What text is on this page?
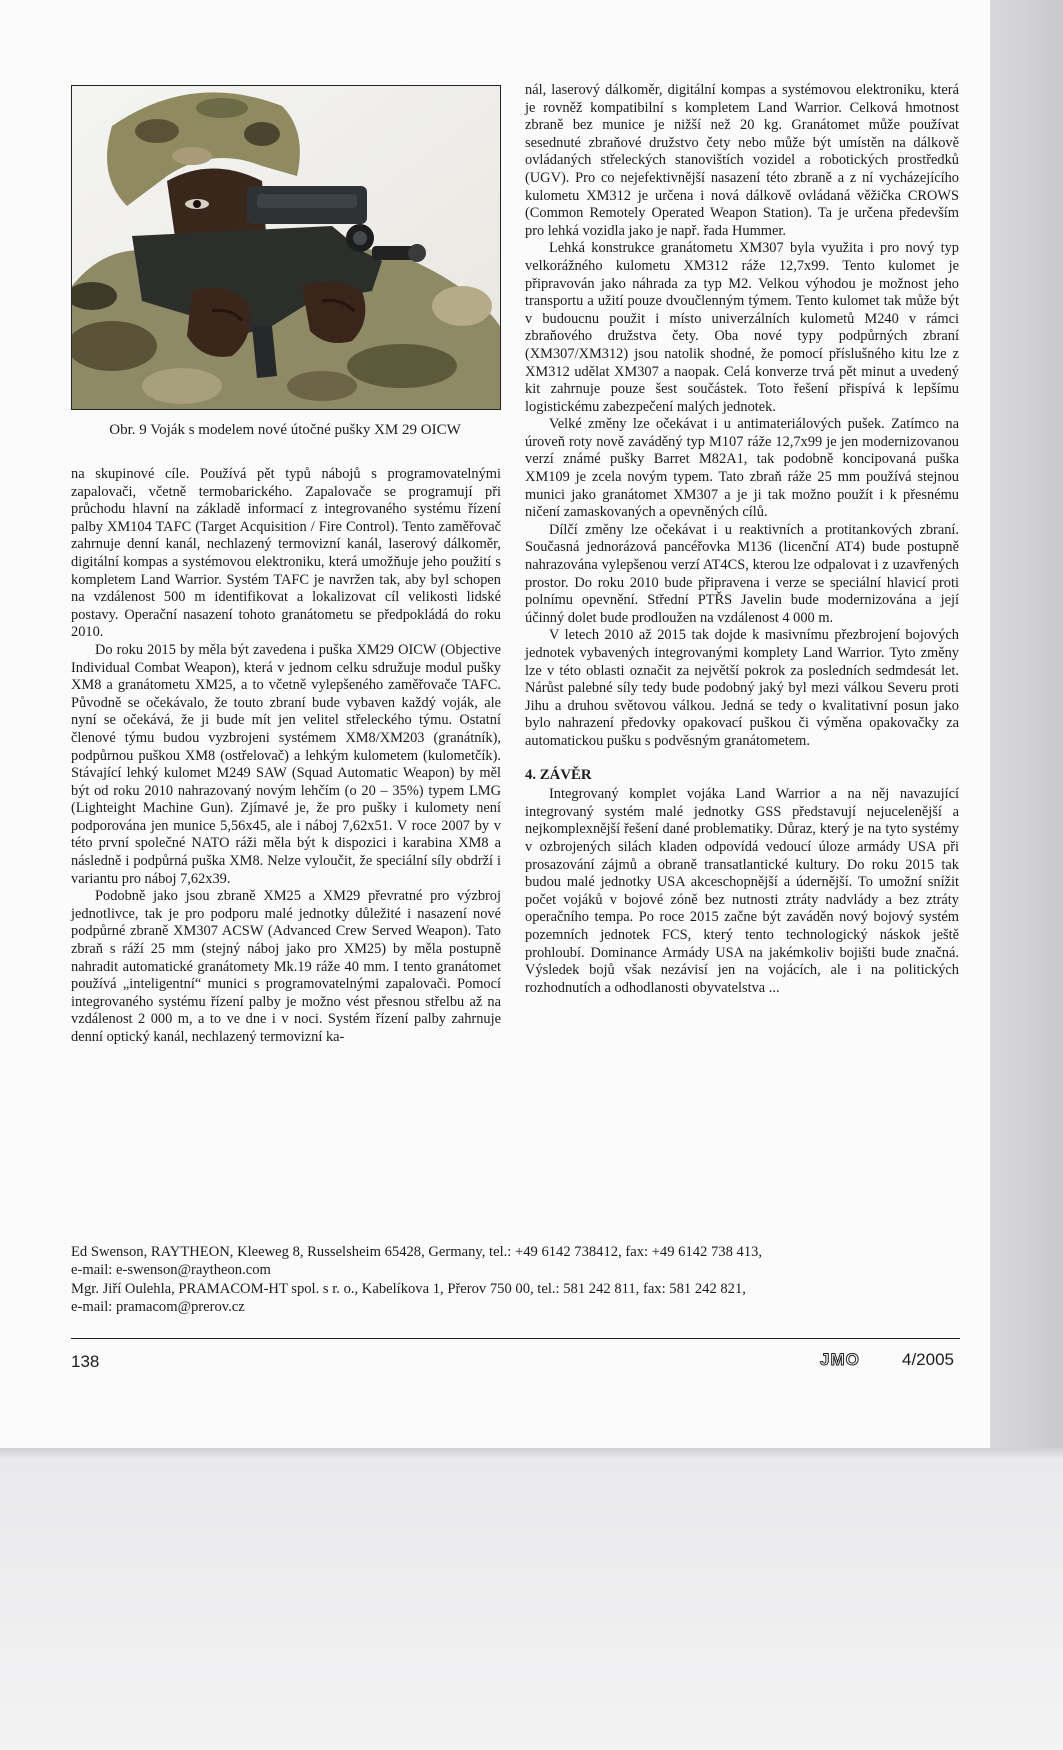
Obr. 9 Voják s modelem nové útočné pušky XM 29 OICW

na skupinové cíle. Používá pět typů nábojů s programovatelnými zapalovači, včetně termobarického. Zapalovače se programují při průchodu hlavní na základě informací z integrovaného systému řízení palby XM104 TAFC (Target Acquisition / Fire Control). Tento zaměřovač zahrnuje denní kanál, nechlazený termovizní kanál, laserový dálkoměr, digitální kompas a systémovou elektroniku, která umožňuje jeho použití s kompletem Land Warrior. Systém TAFC je navržen tak, aby byl schopen na vzdálenost 500 m identifikovat a lokalizovat cíl velikosti lidské postavy. Operační nasazení tohoto granátometu se předpokládá do roku 2010.

Do roku 2015 by měla být zavedena i puška XM29 OICW (Objective Individual Combat Weapon), která v jednom celku sdružuje modul pušky XM8 a granátometu XM25, a to včetně vylepšeného zaměřovače TAFC. Původně se očekávalo, že touto zbraní bude vybaven každý voják, ale nyní se očekává, že ji bude mít jen velitel střeleckého týmu. Ostatní členové týmu budou vyzbrojeni systémem XM8/XM203 (granátník), podpůrnou puškou XM8 (ostřelovač) a lehkým kulometem (kulometčík). Stávající lehký kulomet M249 SAW (Squad Automatic Weapon) by měl být od roku 2010 nahrazovaný novým lehčím (o 20 – 35%) typem LMG (Lighteight Machine Gun). Zjímavé je, že pro pušky i kulomety není podporována jen munice 5,56x45, ale i náboj 7,62x51. V roce 2007 by v této první společné NATO ráži měla být k dispozici i karabina XM8 a následně i podpůrná puška XM8. Nelze vyloučit, že speciální síly obdrží i variantu pro náboj 7,62x39.

Podobně jako jsou zbraně XM25 a XM29 převratné pro výzbroj jednotlivce, tak je pro podporu malé jednotky důležité i nasazení nové podpůrné zbraně XM307 ACSW (Advanced Crew Served Weapon). Tato zbraň s ráží 25 mm (stejný náboj jako pro XM25) by měla postupně nahradit automatické granátomety Mk.19 ráže 40 mm. I tento granátomet používá „inteligentní“ munici s programovatelnými zapalovači. Pomocí integrovaného systému řízení palby je možno vést přesnou střelbu až na vzdálenost 2 000 m, a to ve dne i v noci. Systém řízení palby zahrnuje denní optický kanál, nechlazený termovizní ka-

nál, laserový dálkoměr, digitální kompas a systémovou elektroniku, která je rovněž kompatibilní s kompletem Land Warrior. Celková hmotnost zbraně bez munice je nižší než 20 kg. Granátomet může používat sesednuté zbraňové družstvo čety nebo může být umístěn na dálkově ovládaných střeleckých stanovištích vozidel a robotických prostředků (UGV). Pro co nejefektivnější nasazení této zbraně a z ní vycházejícího kulometu XM312 je určena i nová dálkově ovládaná věžička CROWS (Common Remotely Operated Weapon Station). Ta je určena především pro lehká vozidla jako je např. řada Hummer.

Lehká konstrukce granátometu XM307 byla využita i pro nový typ velkorážného kulometu XM312 ráže 12,7x99. Tento kulomet je připravován jako náhrada za typ M2. Velkou výhodou je možnost jeho transportu a užití pouze dvoučlenným týmem. Tento kulomet tak může být v budoucnu použit i místo univerzálních kulometů M240 v rámci zbraňového družstva čety. Oba nové typy podpůrných zbraní (XM307/XM312) jsou natolik shodné, že pomocí příslušného kitu lze z XM312 udělat XM307 a naopak. Celá konverze trvá pět minut a uvedený kit zahrnuje pouze šest součástek. Toto řešení přispívá k lepšímu logistickému zabezpečení malých jednotek.

Velké změny lze očekávat i u antimateriálových pušek. Zatímco na úroveň roty nově zaváděný typ M107 ráže 12,7x99 je jen modernizovanou verzí známé pušky Barret M82A1, tak podobně koncipovaná puška XM109 je zcela novým typem. Tato zbraň ráže 25 mm používá stejnou munici jako granátomet XM307 a je ji tak možno použít i k přesnému ničení zamaskovaných a opevněných cílů.

Dílčí změny lze očekávat i u reaktivních a protitankových zbraní. Současná jednorázová pancéřovka M136 (licenční AT4) bude postupně nahrazována vylepšenou verzí AT4CS, kterou lze odpalovat i z uzavřených prostor. Do roku 2010 bude připravena i verze se speciální hlavicí proti polnímu opevnění. Střední PTŘS Javelin bude modernizována a její účinný dolet bude prodloužen na vzdálenost 4 000 m.

V letech 2010 až 2015 tak dojde k masivnímu přezbrojení bojových jednotek vybavených integrovanými komplety Land Warrior. Tyto změny lze v této oblasti označit za největší pokrok za posledních sedmdesát let. Nárůst palebné síly tedy bude podobný jaký byl mezi válkou Severu proti Jihu a druhou světovou válkou. Jedná se tedy o kvalitativní posun jako bylo nahrazení předovky opakovací puškou či výměna opakovačky za automatickou pušku s podvěsným granátometem.

4. ZÁVĚR

Integrovaný komplet vojáka Land Warrior a na něj navazující integrovaný systém malé jednotky GSS představují nejucelenější a nejkomplexnější řešení dané problematiky. Důraz, který je na tyto systémy v ozbrojených silách kladen odpovídá vedoucí úloze armády USA při prosazování zájmů a obraně transatlantické kultury. Do roku 2015 tak budou malé jednotky USA akceschopnější a údernější. To umožní snížit počet vojáků v bojové zóně bez nutnosti ztráty nadvlády a bez ztráty operačního tempa. Po roce 2015 začne být zaváděn nový bojový systém pozemních jednotek FCS, který tento technologický náskok ještě prohloubí. Dominance Armády USA na jakémkoliv bojišti bude značná. Výsledek bojů však nezávisí jen na vojácích, ale i na politických rozhodnutích a odhodlanosti obyvatelstva ...

Ed Swenson, RAYTHEON, Kleeweg 8, Russelsheim 65428, Germany, tel.: +49 6142 738412, fax: +49 6142 738 413,
e-mail: e-swenson@raytheon.com
Mgr. Jiří Oulehla, PRAMACOM-HT spol. s r. o., Kabelíkova 1, Přerov 750 00, tel.: 581 242 811, fax: 581 242 821,
e-mail: pramacom@prerov.cz
138	JMO 4/2005
